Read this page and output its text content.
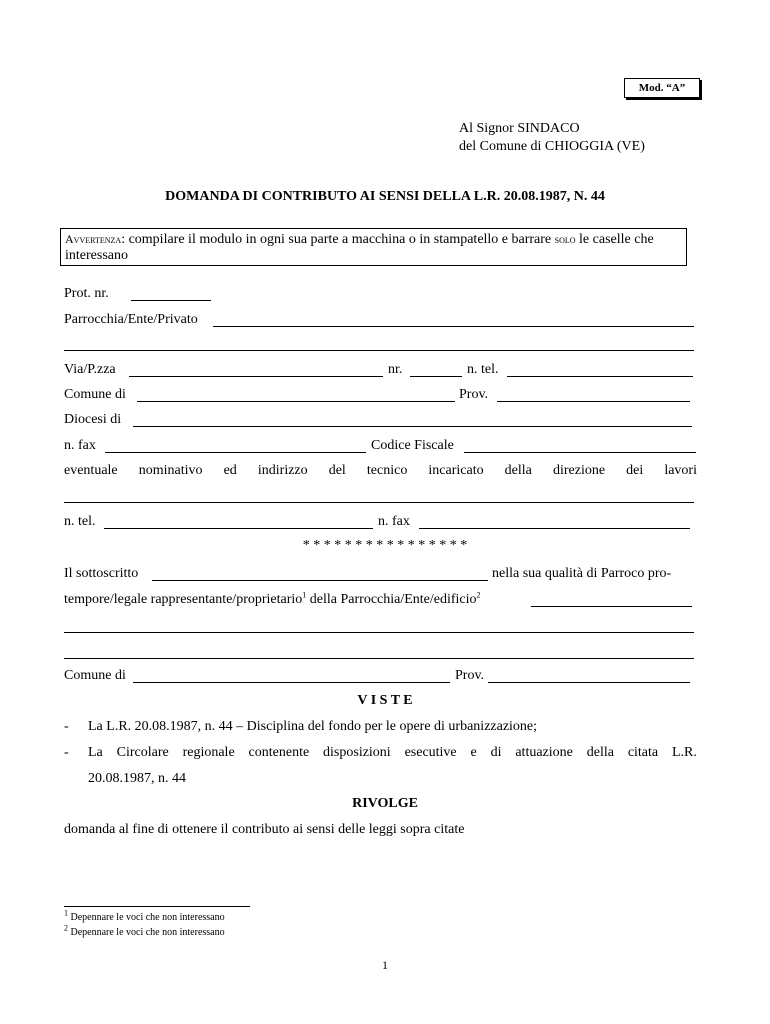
Mod. “A”
Al Signor SINDACO
del Comune di CHIOGGIA (VE)
DOMANDA DI CONTRIBUTO AI SENSI DELLA L.R. 20.08.1987, N. 44
Avvertenza: compilare il modulo in ogni sua parte a macchina o in stampatello e barrare solo le caselle che interessano
Prot. nr.
Parrocchia/Ente/Privato
Via/P.zza	nr.	n. tel.
Comune di	Prov.
Diocesi di
n. fax	Codice Fiscale
eventuale nominativo ed indirizzo del tecnico incaricato della direzione dei lavori
n. tel.	n. fax
* * * * * * * * * * * * * * * *
Il sottoscritto	nella sua qualità di Parroco pro-
tempore/legale rappresentante/proprietario$^1$ della Parrocchia/Ente/edificio$^2$
Comune di	Prov.
V I S T E
- La L.R. 20.08.1987, n. 44 – Disciplina del fondo per le opere di urbanizzazione;
- La Circolare regionale contenente disposizioni esecutive e di attuazione della citata L.R.
20.08.1987, n. 44
RIVOLGE
domanda al fine di ottenere il contributo ai sensi delle leggi sopra citate
$^1$ Depennare le voci che non interessano
$^2$ Depennare le voci che non interessano
1
